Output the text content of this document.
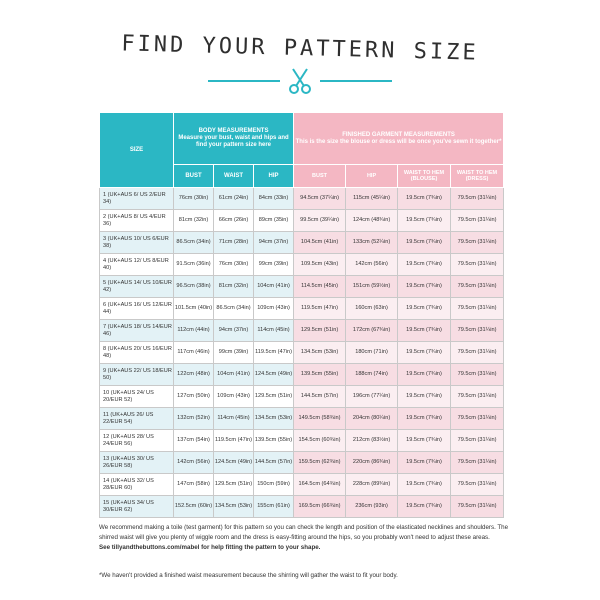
FIND YOUR PATTERN SIZE
SIZE	BODY MEASUREMENTS
Measure your bust, waist and hips and find your pattern size here			FINISHED GARMENT MEASUREMENTS
This is the size the blouse or dress will be once you've sewn it together*			
	BUST	WAIST	HIP	BUST	HIP	WAIST TO HEM (BLOUSE)	WAIST TO HEM (DRESS)
1 (UK+AUS 6/ US 2/EUR 34)	76cm (30in)	61cm (24in)	84cm (33in)	94.5cm (37¼in)	115cm (45¼in)	19.5cm (7¾in)	79.5cm (31¼in)
2 (UK+AUS 8/ US 4/EUR 36)	81cm (32in)	66cm (26in)	89cm (35in)	99.5cm (39¼in)	124cm (48¾in)	19.5cm (7¾in)	79.5cm (31¼in)
3 (UK+AUS 10/ US 6/EUR 38)	86.5cm (34in)	71cm (28in)	94cm (37in)	104.5cm (41in)	133cm (52¼in)	19.5cm (7¾in)	79.5cm (31¼in)
4 (UK+AUS 12/ US 8/EUR 40)	91.5cm (36in)	76cm (30in)	99cm (39in)	109.5cm (43in)	142cm (56in)	19.5cm (7¾in)	79.5cm (31¼in)
5 (UK+AUS 14/ US 10/EUR 42)	96.5cm (38in)	81cm (32in)	104cm (41in)	114.5cm (45in)	151cm (59½in)	19.5cm (7¾in)	79.5cm (31¼in)
6 (UK+AUS 16/ US 12/EUR 44)	101.5cm (40in)	86.5cm (34in)	109cm (43in)	119.5cm (47in)	160cm (63in)	19.5cm (7¾in)	79.5cm (31¼in)
7 (UK+AUS 18/ US 14/EUR 46)	112cm (44in)	94cm (37in)	114cm (45in)	129.5cm (51in)	172cm (67¾in)	19.5cm (7¾in)	79.5cm (31¼in)
8 (UK+AUS 20/ US 16/EUR 48)	117cm (46in)	99cm (39in)	119.5cm (47in)	134.5cm (53in)	180cm (71in)	19.5cm (7¾in)	79.5cm (31¼in)
9 (UK+AUS 22/ US 18/EUR 50)	122cm (48in)	104cm (41in)	124.5cm (49in)	139.5cm (55in)	188cm (74in)	19.5cm (7¾in)	79.5cm (31¼in)
10 (UK+AUS 24/ US 20/EUR 52)	127cm (50in)	109cm (43in)	129.5cm (51in)	144.5cm (57in)	196cm (77¼in)	19.5cm (7¾in)	79.5cm (31¼in)
11 (UK+AUS 26/ US 22/EUR 54)	132cm (52in)	114cm (45in)	134.5cm (53in)	149.5cm (58¾in)	204cm (80¼in)	19.5cm (7¾in)	79.5cm (31¼in)
12 (UK+AUS 28/ US 24/EUR 56)	137cm (54in)	119.5cm (47in)	139.5cm (55in)	154.5cm (60¾in)	212cm (83½in)	19.5cm (7¾in)	79.5cm (31¼in)
13 (UK+AUS 30/ US 26/EUR 58)	142cm (56in)	124.5cm (49in)	144.5cm (57in)	159.5cm (62¾in)	220cm (86¾in)	19.5cm (7¾in)	79.5cm (31¼in)
14 (UK+AUS 32/ US 28/EUR 60)	147cm (58in)	129.5cm (51in)	150cm (59in)	164.5cm (64¾in)	228cm (89¾in)	19.5cm (7¾in)	79.5cm (31¼in)
15 (UK+AUS 34/ US 30/EUR 62)	152.5cm (60in)	134.5cm (53in)	155cm (61in)	169.5cm (66¾in)	236cm (93in)	19.5cm (7¾in)	79.5cm (31¼in)

We recommend making a toile (test garment) for this pattern so you can check the length and position of the elasticated necklines and shoulders. The shirred waist will give you plenty of wiggle room and the dress is easy-fitting around the hips, so you probably won't need to adjust these areas.

See tillyandthebuttons.com/mabel for help fitting the pattern to your shape.

*We haven't provided a finished waist measurement because the shirring will gather the waist to fit your body.
